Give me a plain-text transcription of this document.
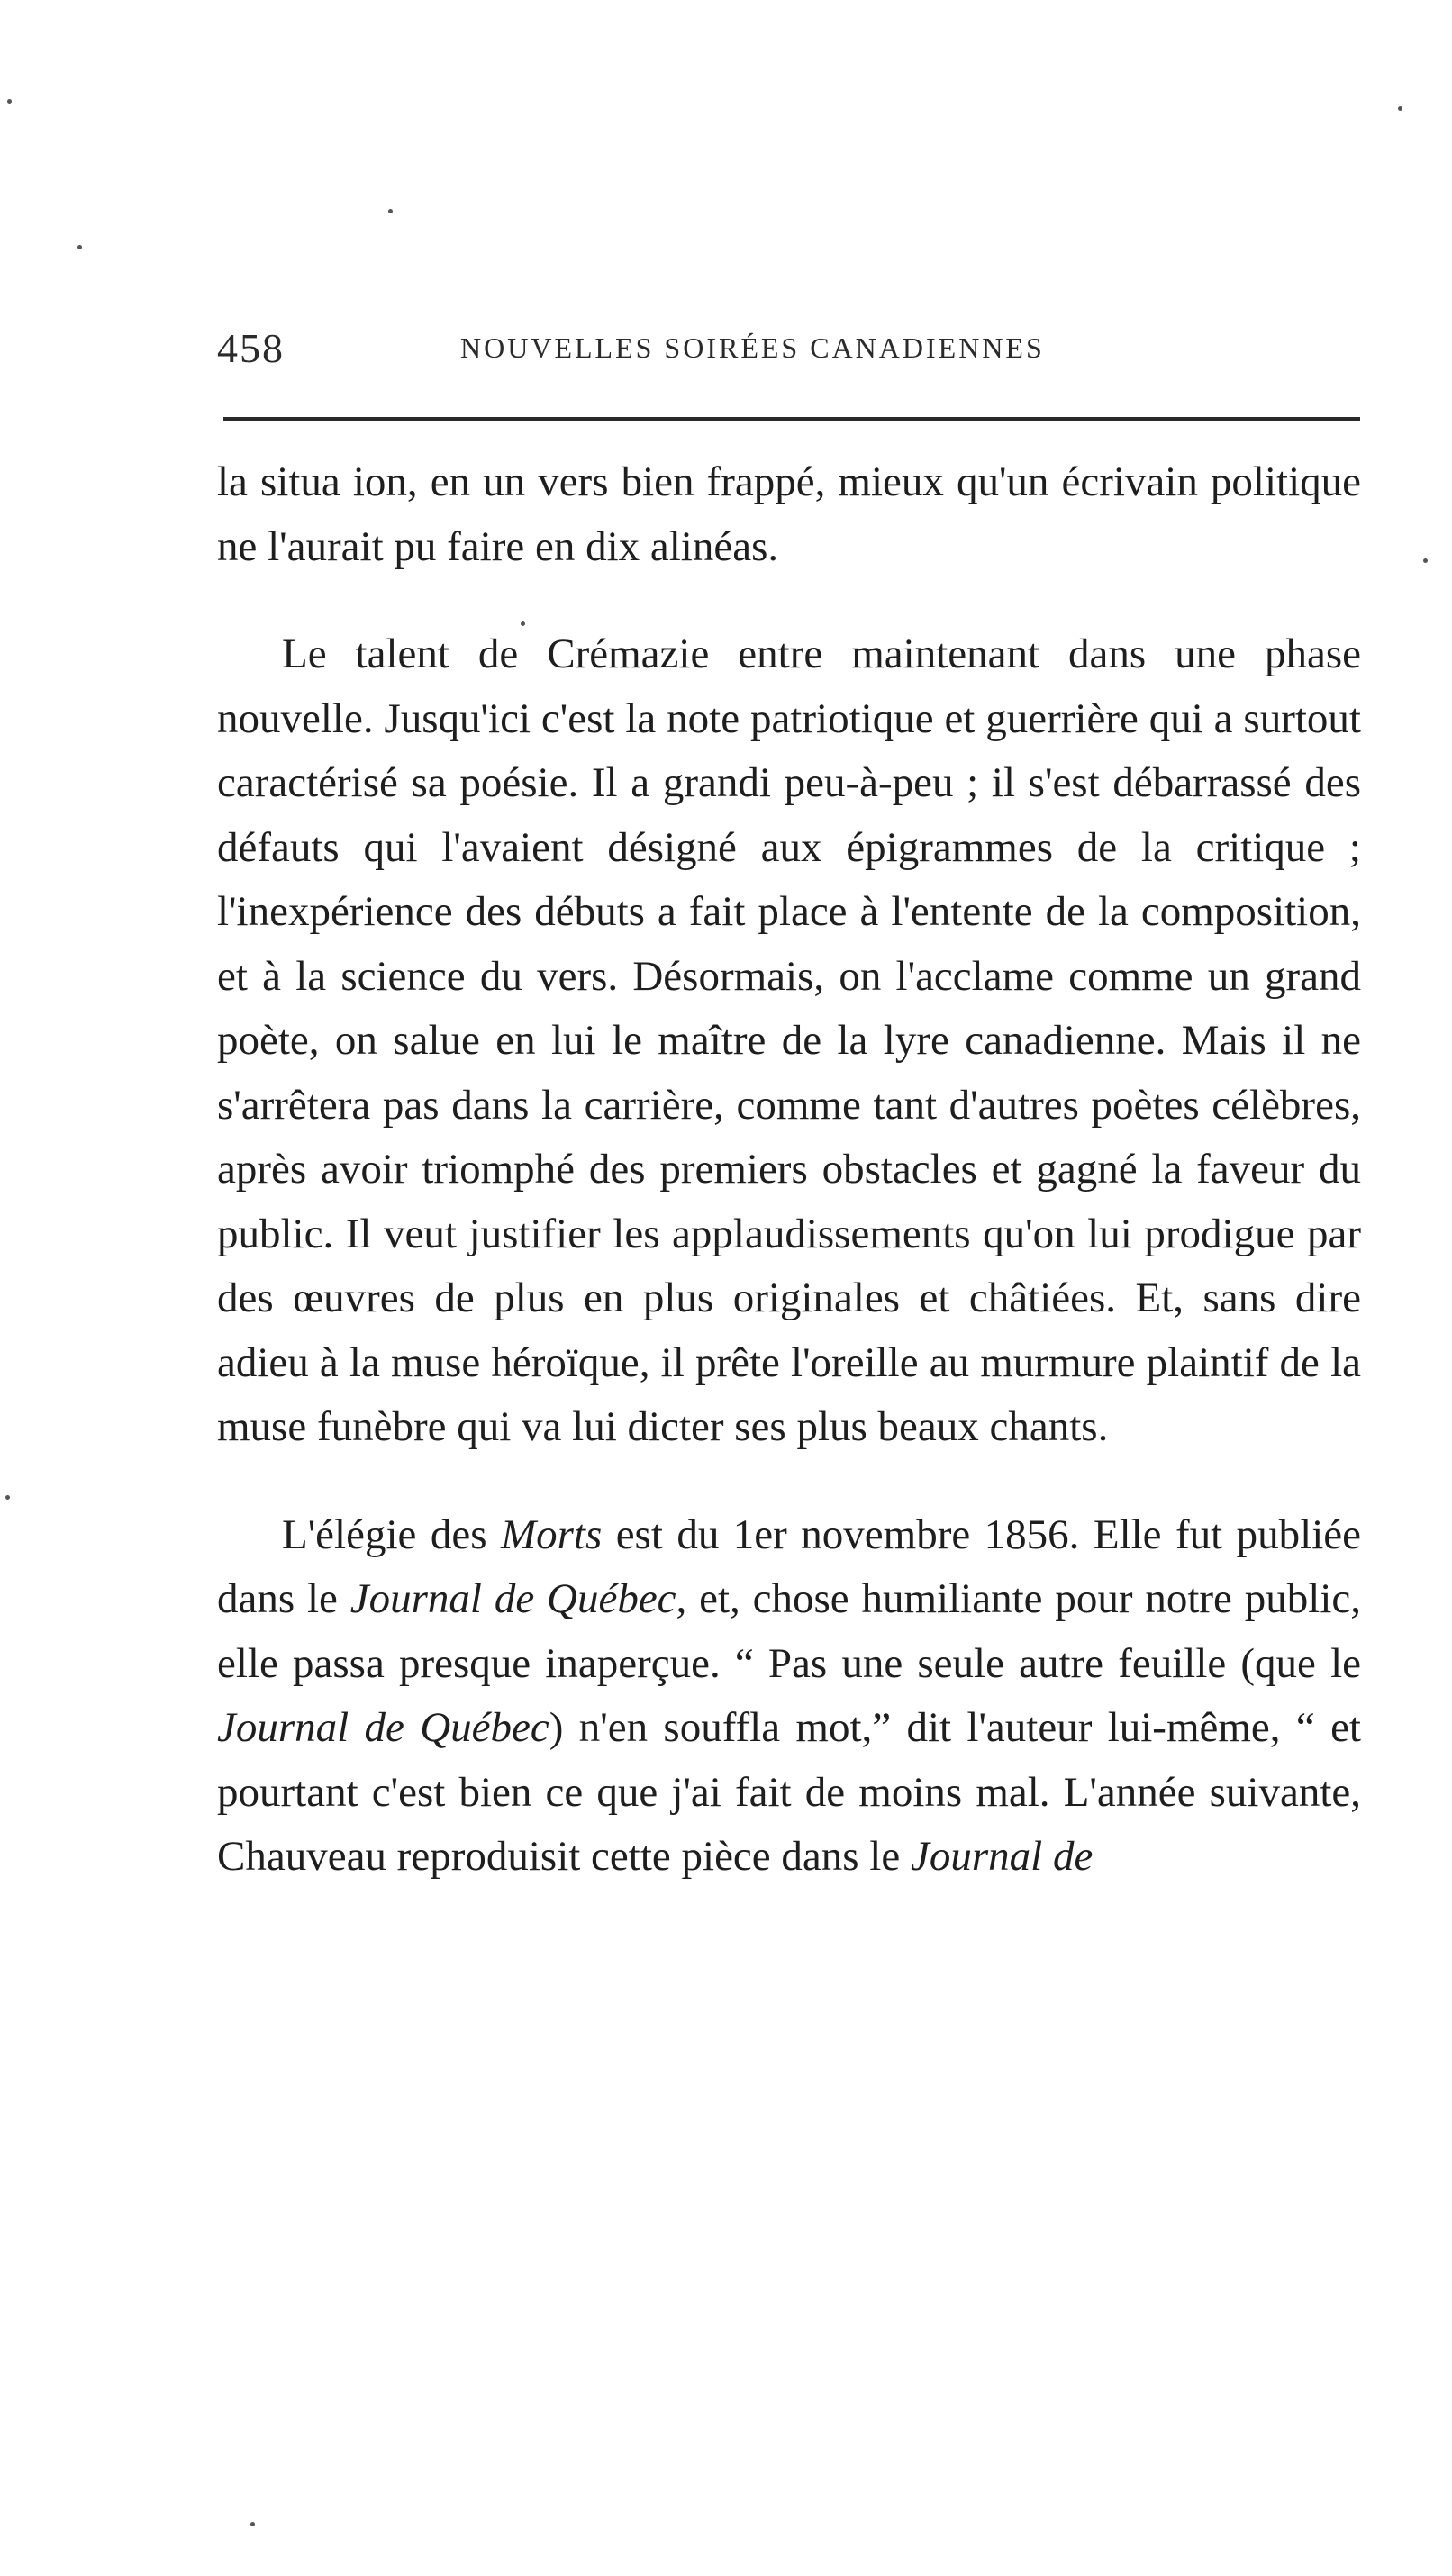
458	NOUVELLES SOIRÉES CANADIENNES

la situa ion, en un vers bien frappé, mieux qu'un écrivain politique ne l'aurait pu faire en dix alinéas.

Le talent de Crémazie entre maintenant dans une phase nouvelle. Jusqu'ici c'est la note patriotique et guerrière qui a surtout caractérisé sa poésie. Il a grandi peu-à-peu ; il s'est débarrassé des défauts qui l'avaient désigné aux épigrammes de la critique ; l'inexpérience des débuts a fait place à l'entente de la composition, et à la science du vers. Désormais, on l'acclame comme un grand poète, on salue en lui le maître de la lyre canadienne. Mais il ne s'arrêtera pas dans la carrière, comme tant d'autres poètes célèbres, après avoir triomphé des premiers obstacles et gagné la faveur du public. Il veut justifier les applaudissements qu'on lui prodigue par des œuvres de plus en plus originales et châtiées. Et, sans dire adieu à la muse héroïque, il prête l'oreille au murmure plaintif de la muse funèbre qui va lui dicter ses plus beaux chants.

L'élégie des Morts est du 1er novembre 1856. Elle fut publiée dans le Journal de Québec, et, chose humiliante pour notre public, elle passa presque inaperçue. “ Pas une seule autre feuille (que le Journal de Québec) n'en souffla mot,” dit l'auteur lui-même, “ et pourtant c'est bien ce que j'ai fait de moins mal. L'année suivante, Chauveau reproduisit cette pièce dans le Journal de
